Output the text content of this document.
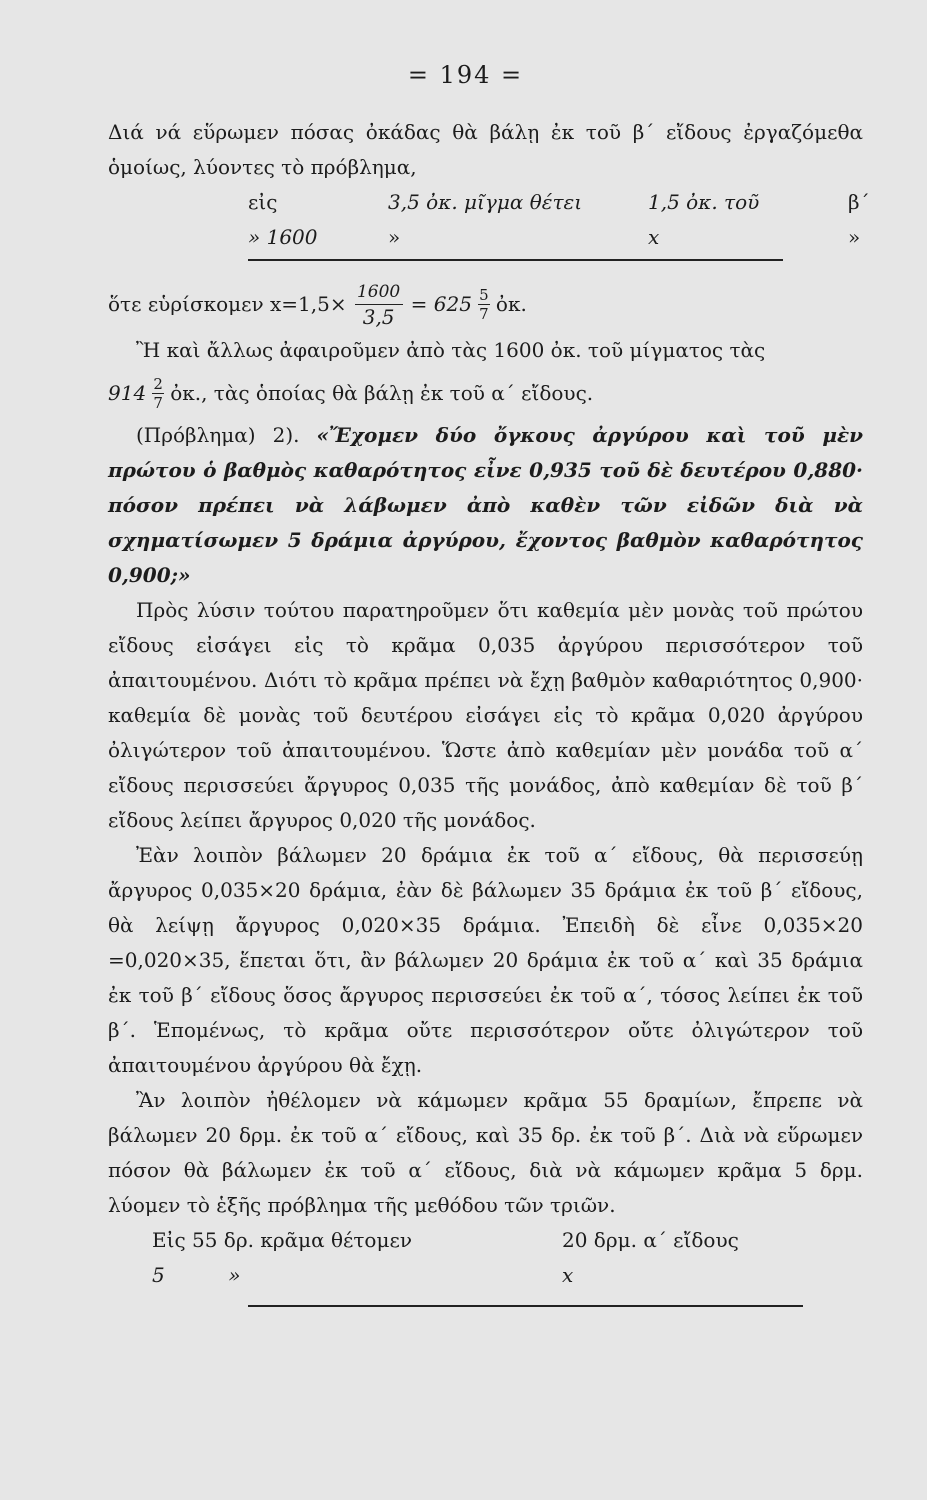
= 194 =

Διά νά εὕρωμεν πόσας ὀκάδας θὰ βάλῃ ἐκ τοῦ β΄ εἴδους ἐργαζόμεθα ὁμοίως, λύοντες τὸ πρόβλημα,

εἰς	3,5 ὀκ. μῖγμα θέτει	1,5 ὀκ. τοῦ	β΄
» 1600	»	x	»
ὅτε εὑρίσκομεν $x=1,5\times \frac{1600}{3,5} = 625$ 5
7 ὀκ.

Ἢ καὶ ἄλλως ἀφαιροῦμεν ἀπὸ τὰς 1600 ὀκ. τοῦ μίγματος τὰς

914 2
7 ὀκ., τὰς ὁποίας θὰ βάλῃ ἐκ τοῦ α΄ εἴδους.

(Πρόβλημα) 2). «Ἔχομεν δύο ὄγκους ἀργύρου καὶ τοῦ μὲν πρώτου ὁ βαθμὸς καθαρότητος εἶνε 0,935 τοῦ δὲ δευτέρου 0,880· πόσον πρέπει νὰ λάβωμεν ἀπὸ καθὲν τῶν εἰδῶν διὰ νὰ σχηματίσωμεν 5 δράμια ἀργύρου, ἔχοντος βαθμὸν καθαρότητος 0,900;»

Πρὸς λύσιν τούτου παρατηροῦμεν ὅτι καθεμία μὲν μονὰς τοῦ πρώτου εἴδους εἰσάγει εἰς τὸ κρᾶμα 0,035 ἀργύρου περισσότερον τοῦ ἀπαιτουμένου. Διότι τὸ κρᾶμα πρέπει νὰ ἔχῃ βαθμὸν καθαριότητος 0,900· καθεμία δὲ μονὰς τοῦ δευτέρου εἰσάγει εἰς τὸ κρᾶμα 0,020 ἀργύρου ὀλιγώτερον τοῦ ἀπαιτουμένου. Ὥστε ἀπὸ καθεμίαν μὲν μονάδα τοῦ α΄ εἴδους περισσεύει ἄργυρος 0,035 τῆς μονάδος, ἀπὸ καθεμίαν δὲ τοῦ β΄ εἴδους λείπει ἄργυρος 0,020 τῆς μονάδος.

Ἐὰν λοιπὸν βάλωμεν 20 δράμια ἐκ τοῦ α΄ εἴδους, θὰ περισσεύῃ ἄργυρος 0,035×20 δράμια, ἐὰν δὲ βάλωμεν 35 δράμια ἐκ τοῦ β΄ εἴδους, θὰ λείψῃ ἄργυρος 0,020×35 δράμια. Ἐπειδὴ δὲ εἶνε 0,035×20 =0,020×35, ἕπεται ὅτι, ἂν βάλωμεν 20 δράμια ἐκ τοῦ α΄ καὶ 35 δράμια ἐκ τοῦ β΄ εἴδους ὅσος ἄργυρος περισσεύει ἐκ τοῦ α΄, τόσος λείπει ἐκ τοῦ β΄. Ἑπομένως, τὸ κρᾶμα οὔτε περισσότερον οὔτε ὀλιγώτερον τοῦ ἀπαιτουμένου ἀργύρου θὰ ἔχῃ.

Ἂν λοιπὸν ἠθέλομεν νὰ κάμωμεν κρᾶμα 55 δραμίων, ἔπρεπε νὰ βάλωμεν 20 δρμ. ἐκ τοῦ α΄ εἴδους, καὶ 35 δρ. ἐκ τοῦ β΄. Διὰ νὰ εὕρωμεν πόσον θὰ βάλωμεν ἐκ τοῦ α΄ εἴδους, διὰ νὰ κάμωμεν κρᾶμα 5 δρμ. λύομεν τὸ ἑξῆς πρόβλημα τῆς μεθόδου τῶν τριῶν.

Εἰς 55 δρ. κρᾶμα θέτομεν	20 δρμ. α΄ εἴδους
5          »	x
